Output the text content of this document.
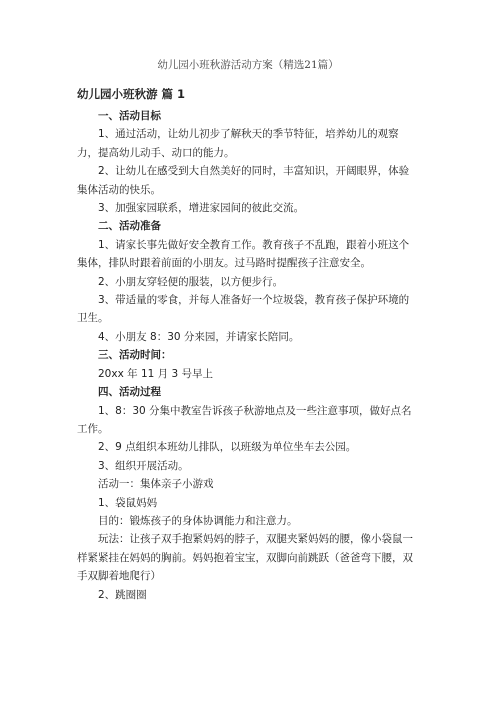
幼儿园小班秋游活动方案（精选21篇）

幼儿园小班秋游 篇 1

一、活动目标

1、通过活动，让幼儿初步了解秋天的季节特征，培养幼儿的观察力，提高幼儿动手、动口的能力。

2、让幼儿在感受到大自然美好的同时，丰富知识，开阔眼界，体验集体活动的快乐。

3、加强家园联系，增进家园间的彼此交流。

二、活动准备

1、请家长事先做好安全教育工作。教育孩子不乱跑，跟着小班这个集体，排队时跟着前面的小朋友。过马路时提醒孩子注意安全。

2、小朋友穿轻便的服装，以方便步行。

3、带适量的零食，并每人准备好一个垃圾袋，教育孩子保护环境的卫生。

4、小朋友 8：30 分来园，并请家长陪同。

三、活动时间：

20xx 年 11 月 3 号早上

四、活动过程

1、8：30 分集中教室告诉孩子秋游地点及一些注意事项，做好点名工作。

2、9 点组织本班幼儿排队，以班级为单位坐车去公园。

3、组织开展活动。

活动一：集体亲子小游戏

1、袋鼠妈妈

目的：锻炼孩子的身体协调能力和注意力。

玩法：让孩子双手抱紧妈妈的脖子，双腿夹紧妈妈的腰，像小袋鼠一样紧紧挂在妈妈的胸前。妈妈抱着宝宝，双脚向前跳跃（爸爸弯下腰，双手双脚着地爬行）

2、跳圈圈
